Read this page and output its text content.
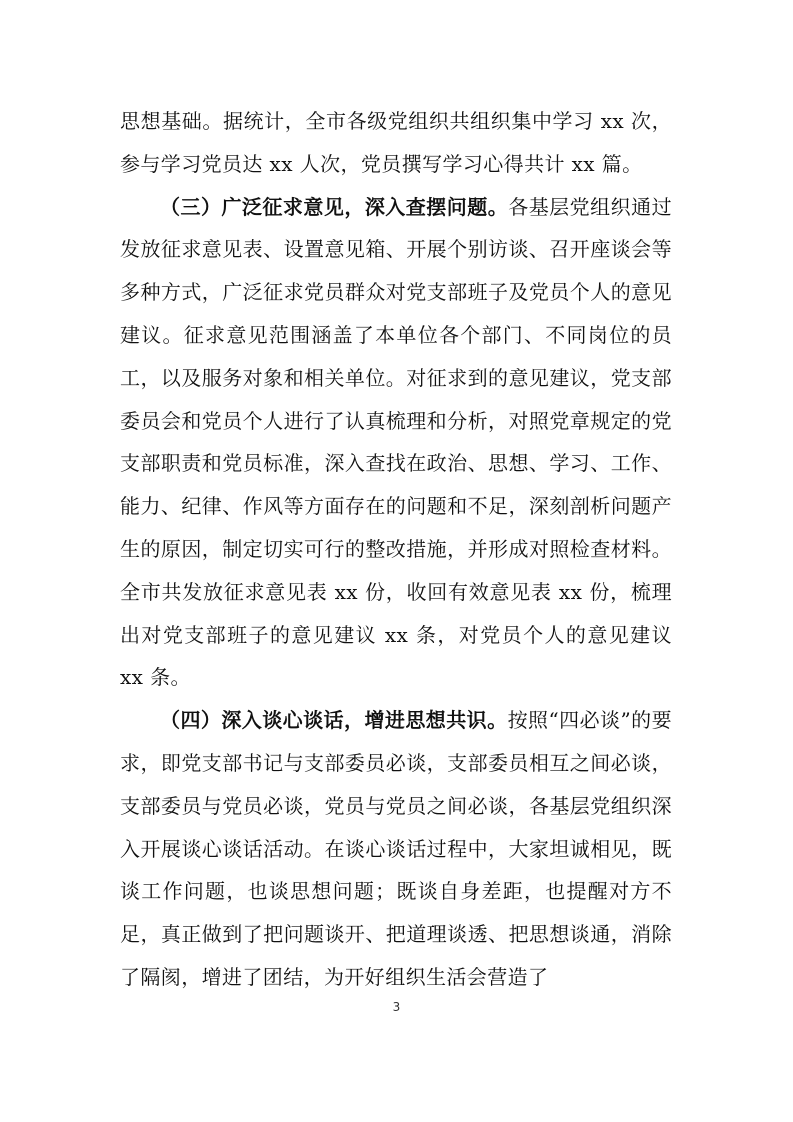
思想基础。据统计，全市各级党组织共组织集中学习 xx 次，参与学习党员达 xx 人次，党员撰写学习心得共计 xx 篇。

（三）广泛征求意见，深入查摆问题。各基层党组织通过发放征求意见表、设置意见箱、开展个别访谈、召开座谈会等多种方式，广泛征求党员群众对党支部班子及党员个人的意见建议。征求意见范围涵盖了本单位各个部门、不同岗位的员工，以及服务对象和相关单位。对征求到的意见建议，党支部委员会和党员个人进行了认真梳理和分析，对照党章规定的党支部职责和党员标准，深入查找在政治、思想、学习、工作、能力、纪律、作风等方面存在的问题和不足，深刻剖析问题产生的原因，制定切实可行的整改措施，并形成对照检查材料。全市共发放征求意见表 xx 份，收回有效意见表 xx 份，梳理出对党支部班子的意见建议 xx 条，对党员个人的意见建议 xx 条。

（四）深入谈心谈话，增进思想共识。按照“四必谈”的要求，即党支部书记与支部委员必谈，支部委员相互之间必谈，支部委员与党员必谈，党员与党员之间必谈，各基层党组织深入开展谈心谈话活动。在谈心谈话过程中，大家坦诚相见，既谈工作问题，也谈思想问题；既谈自身差距，也提醒对方不足，真正做到了把问题谈开、把道理谈透、把思想谈通，消除了隔阂，增进了团结，为开好组织生活会营造了

3
